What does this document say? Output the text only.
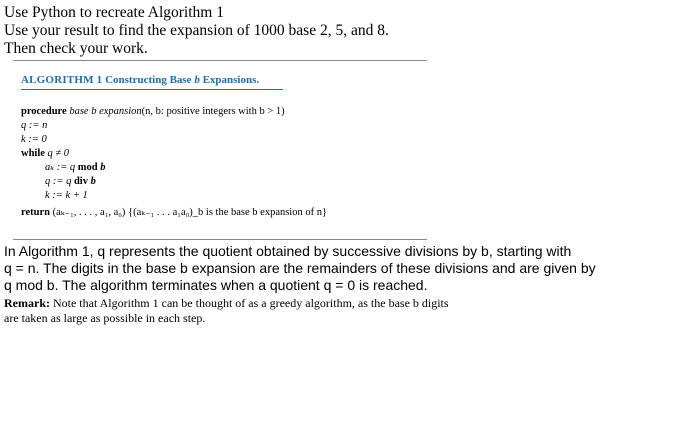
Use Python to recreate Algorithm 1
Use your result to find the expansion of 1000 base 2, 5, and 8.
Then check your work.
ALGORITHM 1 Constructing Base b Expansions.
procedure base b expansion(n, b: positive integers with b > 1)
q := n
k := 0
while q ≠ 0
aₖ := q mod b
q := q div b
k := k + 1
return (aₖ₋₁, . . . , a₁, a₀) {(aₖ₋₁ . . . a₁a₀)_b is the base b expansion of n}
In Algorithm 1, q represents the quotient obtained by successive divisions by b, starting with
q = n. The digits in the base b expansion are the remainders of these divisions and are given by
q mod b. The algorithm terminates when a quotient q = 0 is reached.
Remark: Note that Algorithm 1 can be thought of as a greedy algorithm, as the base b digits
are taken as large as possible in each step.
